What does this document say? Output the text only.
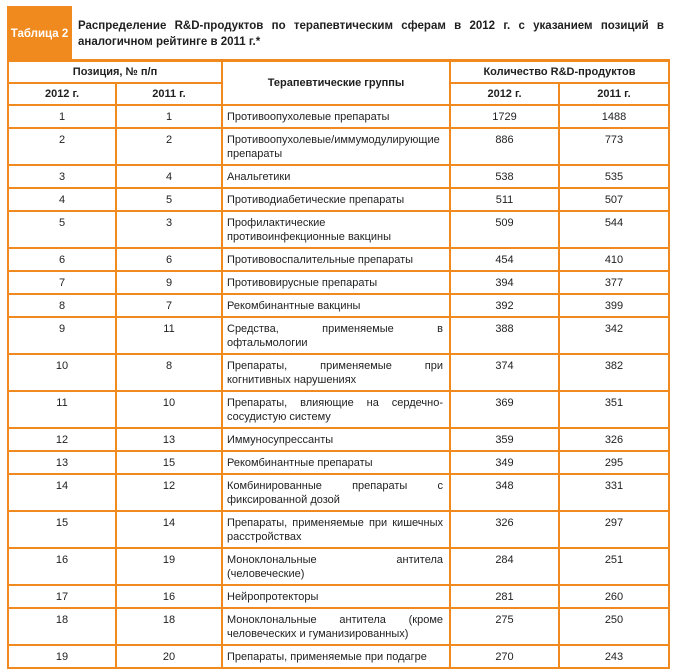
Таблица 2
Распределение R&D-продуктов по терапевтическим сферам в 2012 г. с указанием позиций в аналогичном рейтинге в 2011 г.*
Позиция, № п/п		Терапевтические группы	Количество R&D-продуктов	
2012 г.	2011 г.		2012 г.	2011 г.
1	1	Противоопухолевые препараты	1729	1488
2	2	Противоопухолевые/иммумодулирующие препараты	886	773
3	4	Анальгетики	538	535
4	5	Противодиабетические препараты	511	507
5	3	Профилактические противоинфекционные вакцины	509	544
6	6	Противовоспалительные препараты	454	410
7	9	Противовирусные препараты	394	377
8	7	Рекомбинантные вакцины	392	399
9	11	Средства, применяемые в офтальмологии	388	342
10	8	Препараты, применяемые при когнитивных нарушениях	374	382
11	10	Препараты, влияющие на сердечно-сосудистую систему	369	351
12	13	Иммуносупрессанты	359	326
13	15	Рекомбинантные препараты	349	295
14	12	Комбинированные препараты с фиксированной дозой	348	331
15	14	Препараты, применяемые при кишечных расстройствах	326	297
16	19	Моноклональные антитела (человеческие)	284	251
17	16	Нейропротекторы	281	260
18	18	Моноклональные антитела (кроме человеческих и гуманизированных)	275	250
19	20	Препараты, применяемые при подагре	270	243
